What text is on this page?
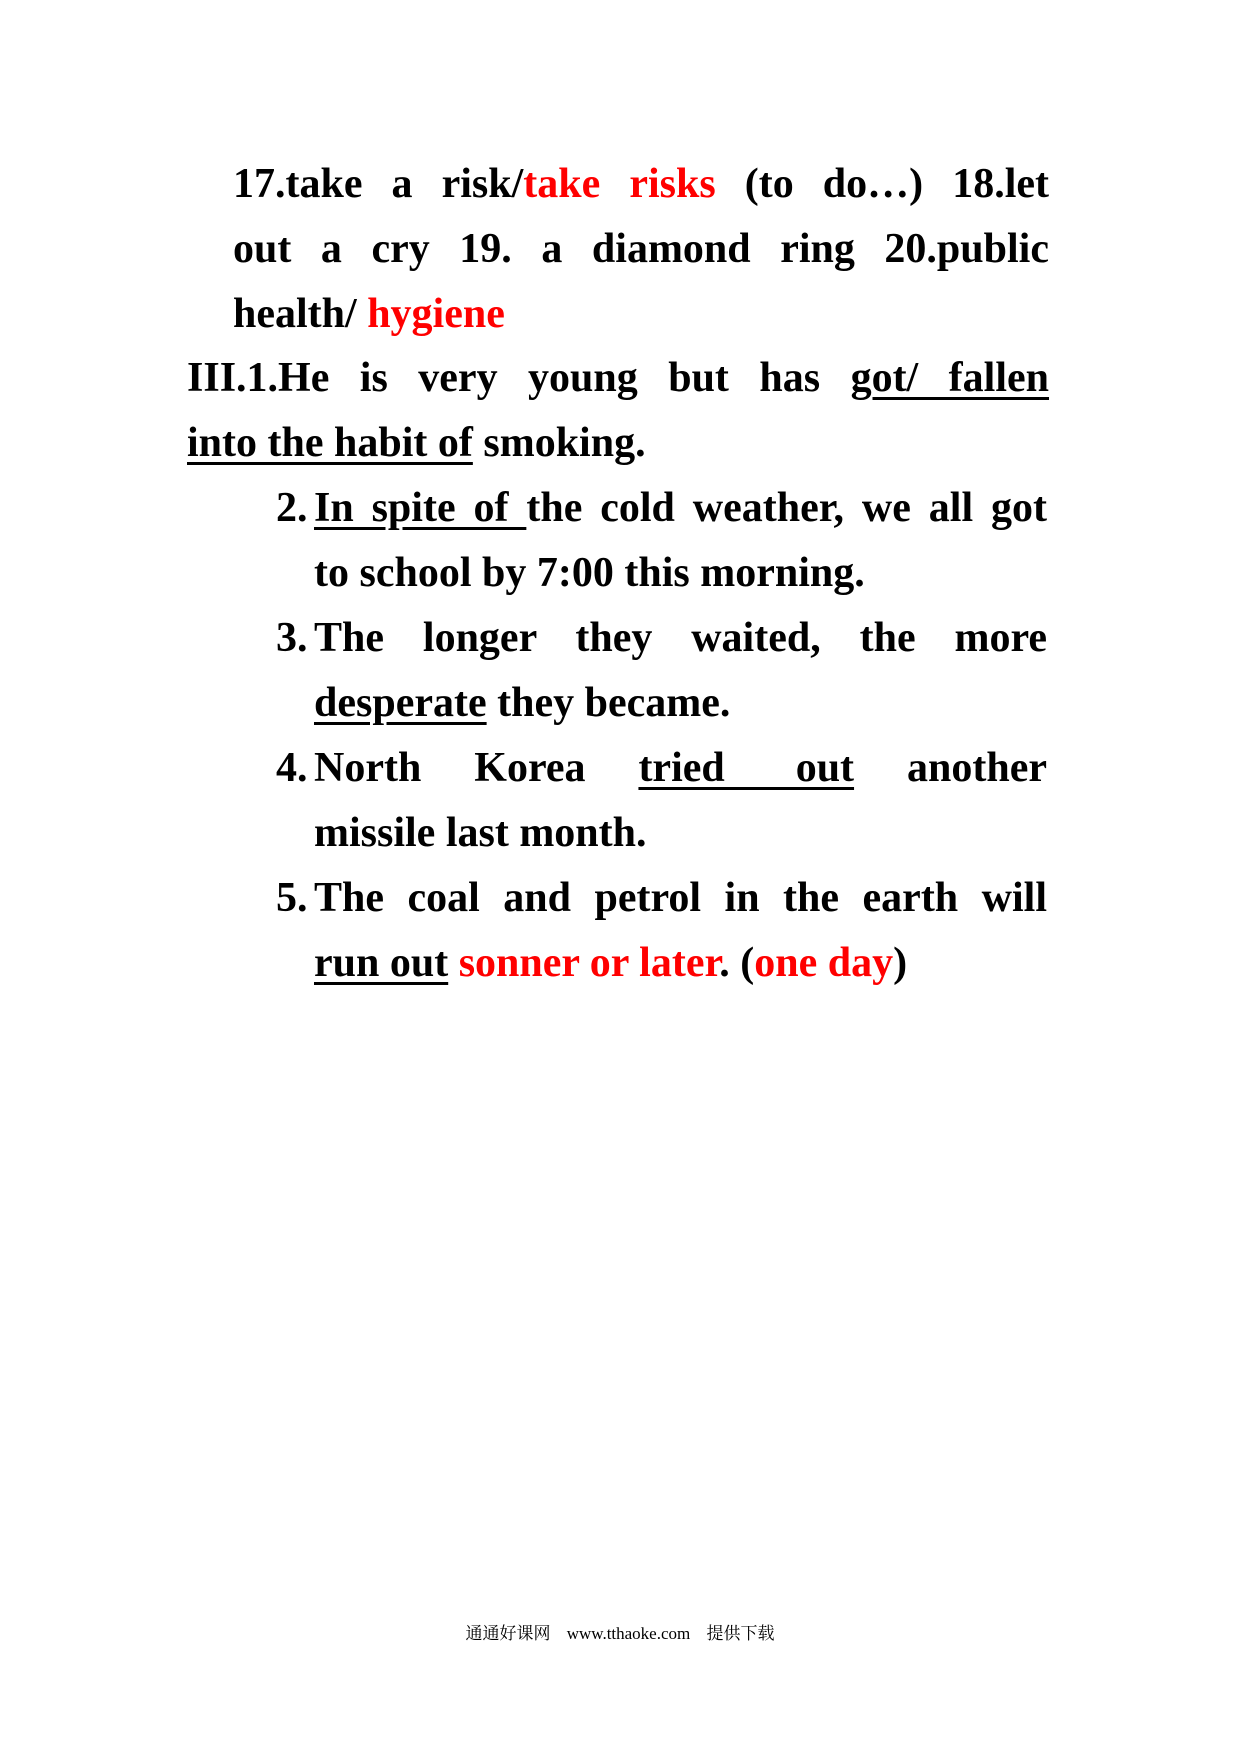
17.take a risk/take risks (to do…) 18.let
out a cry 19. a diamond ring 20.public
health/ hygiene
III.1.He is very young but has got/ fallen
into the habit of smoking.
2. In spite of the cold weather, we all got
to school by 7:00 this morning.
3. The longer they waited, the more
desperate they became.
4. North Korea tried out another
missile last month.
5. The coal and petrol in the earth will
run out sonner or later. (one day)
通通好课网 www.tthaoke.com 提供下载
